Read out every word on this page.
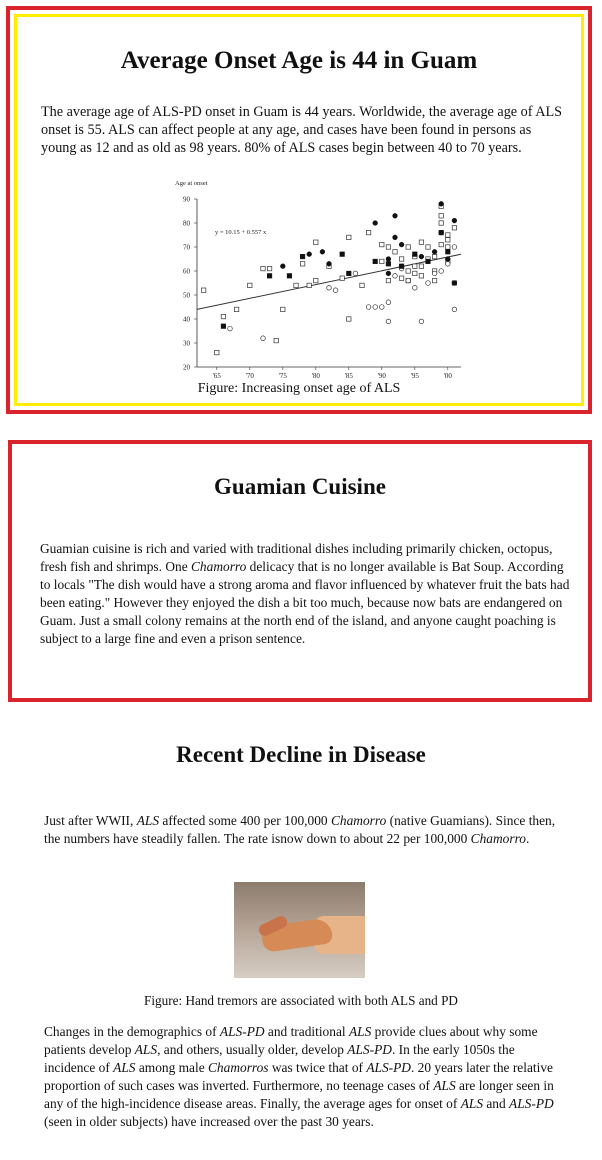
Average Onset Age is 44 in Guam

The average age of ALS-PD onset in Guam is 44 years. Worldwide, the average age of ALS onset is 55. ALS can affect people at any age, and cases have been found in persons as young as 12 and as old as 98 years. 80% of ALS cases begin between 40 to 70 years.

Age at onset
20
30
40
50
60
70
80
90
'65	'70	'75	'80	'85	'90	'95	'00
y = 10.15 + 0.557 x

Figure: Increasing onset age of ALS

Guamian Cuisine

Guamian cuisine is rich and varied with traditional dishes including primarily chicken, octopus, fresh fish and shrimps. One Chamorro delicacy that is no longer available is Bat Soup. According to locals "The dish would have a strong aroma and flavor influenced by whatever fruit the bats had been eating." However they enjoyed the dish a bit too much, because now bats are endangered on Guam. Just a small colony remains at the north end of the island, and anyone caught poaching is subject to a large fine and even a prison sentence.

Recent Decline in Disease

Just after WWII, ALS affected some 400 per 100,000 Chamorro (native Guamians). Since then, the numbers have steadily fallen. The rate isnow down to about 22 per 100,000 Chamorro.

Figure: Hand tremors are associated with both ALS and PD

Changes in the demographics of ALS-PD and traditional ALS provide clues about why some patients develop ALS, and others, usually older, develop ALS-PD. In the early 1050s the incidence of ALS among male Chamorros was twice that of ALS-PD. 20 years later the relative proportion of such cases was inverted. Furthermore, no teenage cases of ALS are longer seen in any of the high-incidence disease areas. Finally, the average ages for onset of ALS and ALS-PD (seen in older subjects) have increased over the past 30 years.
